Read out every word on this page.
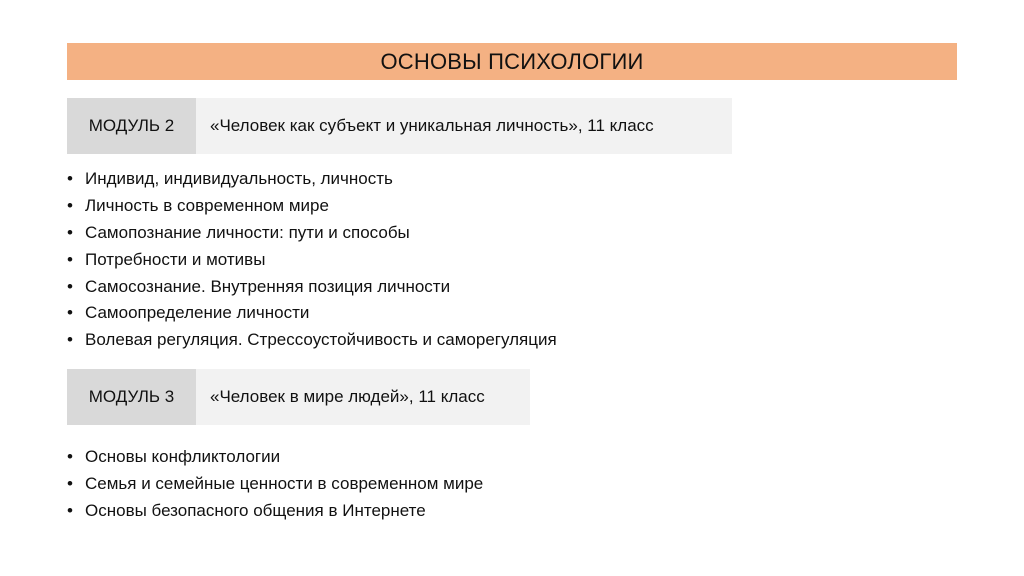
ОСНОВЫ ПСИХОЛОГИИ
МОДУЛЬ 2	«Человек как субъект и уникальная личность», 11 класс
• Индивид, индивидуальность, личность
• Личность в современном мире
• Самопознание личности: пути и способы
• Потребности и мотивы
• Самосознание. Внутренняя позиция личности
• Самоопределение личности
• Волевая регуляция. Стрессоустойчивость и саморегуляция
МОДУЛЬ 3	«Человек в мире людей», 11 класс
• Основы конфликтологии
• Семья и семейные ценности в современном мире
• Основы безопасного общения в Интернете
